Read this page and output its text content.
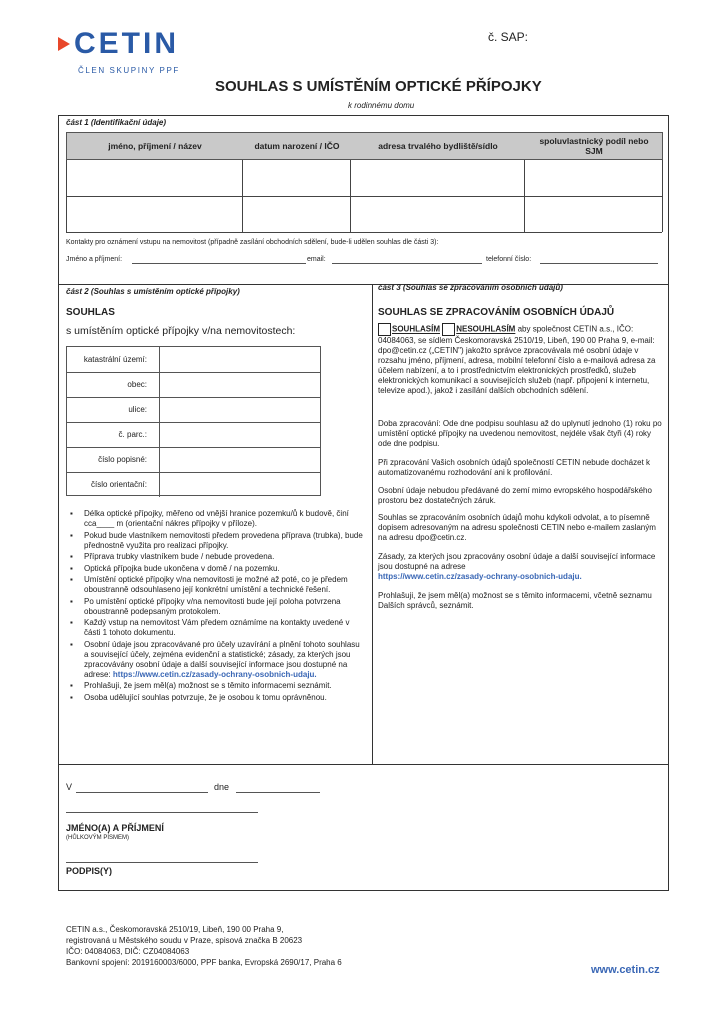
CETIN
ČLEN SKUPINY PPF
č. SAP:
SOUHLAS S UMÍSTĚNÍM OPTICKÉ PŘÍPOJKY
k rodinnému domu
část 1 (Identifikační údaje)
jméno, příjmení / název	datum narození / IČO	adresa trvalého bydliště/sídlo	spoluvlastnický podíl nebo SJM
Kontakty pro oznámení vstupu na nemovitost (případně zasílání obchodních sdělení, bude-li udělen souhlas dle části 3):
Jméno a příjmení:	email:	telefonní číslo:
část 2 (Souhlas s umístěním optické přípojky)
SOUHLAS
s umístěním optické přípojky v/na nemovitostech:
katastrální území:
obec:
ulice:
č. parc.:
číslo popisné:
číslo orientační:
▪ Délka optické přípojky, měřeno od vnější hranice pozemku/ů k budově, činí cca____ m (orientační nákres přípojky v příloze).
▪ Pokud bude vlastníkem nemovitosti předem provedena příprava (trubka), bude přednostně využita pro realizaci přípojky.
▪ Příprava trubky vlastníkem bude / nebude provedena.
▪ Optická přípojka bude ukončena v domě / na pozemku.
▪ Umístění optické přípojky v/na nemovitosti je možné až poté, co je předem oboustranně odsouhlaseno její konkrétní umístění a technické řešení.
▪ Po umístění optické přípojky v/na nemovitosti bude její poloha potvrzena oboustranně podepsaným protokolem.
▪ Každý vstup na nemovitost Vám předem oznámíme na kontakty uvedené v části 1 tohoto dokumentu.
▪ Osobní údaje jsou zpracovávané pro účely uzavírání a plnění tohoto souhlasu a související účely, zejména evidenční a statistické; zásady, za kterých jsou zpracovávány osobní údaje a další související informace jsou dostupné na adrese: https://www.cetin.cz/zasady-ochrany-osobnich-udaju.
▪ Prohlašuji, že jsem měl(a) možnost se s těmito informacemi seznámit.
▪ Osoba udělující souhlas potvrzuje, že je osobou k tomu oprávněnou.
část 3 (Souhlas se zpracováním osobních údajů)
SOUHLAS SE ZPRACOVÁNÍM OSOBNÍCH ÚDAJŮ
SOUHLASÍM NESOUHLASÍM aby společnost CETIN a.s., IČO: 04084063, se sídlem Českomoravská 2510/19, Libeň, 190 00 Praha 9, e-mail: dpo@cetin.cz („CETIN") jakožto správce zpracovávala mé osobní údaje v rozsahu jméno, příjmení, adresa, mobilní telefonní číslo a e-mailová adresa za účelem nabízení, a to i prostřednictvím elektronických prostředků, služeb elektronických komunikací a souvisejících služeb (např. připojení k internetu, televize apod.), jakož i zasílání dalších obchodních sdělení.
Doba zpracování: Ode dne podpisu souhlasu až do uplynutí jednoho (1) roku po umístění optické přípojky na uvedenou nemovitost, nejdéle však čtyři (4) roky ode dne podpisu.
Při zpracování Vašich osobních údajů společností CETIN nebude docházet k automatizovanému rozhodování ani k profilování.
Osobní údaje nebudou předávané do zemí mimo evropského hospodářského prostoru bez dostatečných záruk.
Souhlas se zpracováním osobních údajů mohu kdykoli odvolat, a to písemně dopisem adresovaným na adresu společnosti CETIN nebo e-mailem zaslaným na adresu dpo@cetin.cz.
Zásady, za kterých jsou zpracovány osobní údaje a další související informace jsou dostupné na adrese
https://www.cetin.cz/zasady-ochrany-osobnich-udaju.
Prohlašuji, že jsem měl(a) možnost se s těmito informacemi, včetně seznamu Dalších správců, seznámit.
V	dne
JMÉNO(A) A PŘÍJMENÍ
(HŮLKOVÝM PÍSMEM)
PODPIS(Y)
CETIN a.s., Českomoravská 2510/19, Libeň, 190 00 Praha 9,
registrovaná u Městského soudu v Praze, spisová značka B 20623
IČO: 04084063, DIČ: CZ04084063
Bankovní spojení: 2019160003/6000, PPF banka, Evropská 2690/17, Praha 6
www.cetin.cz
